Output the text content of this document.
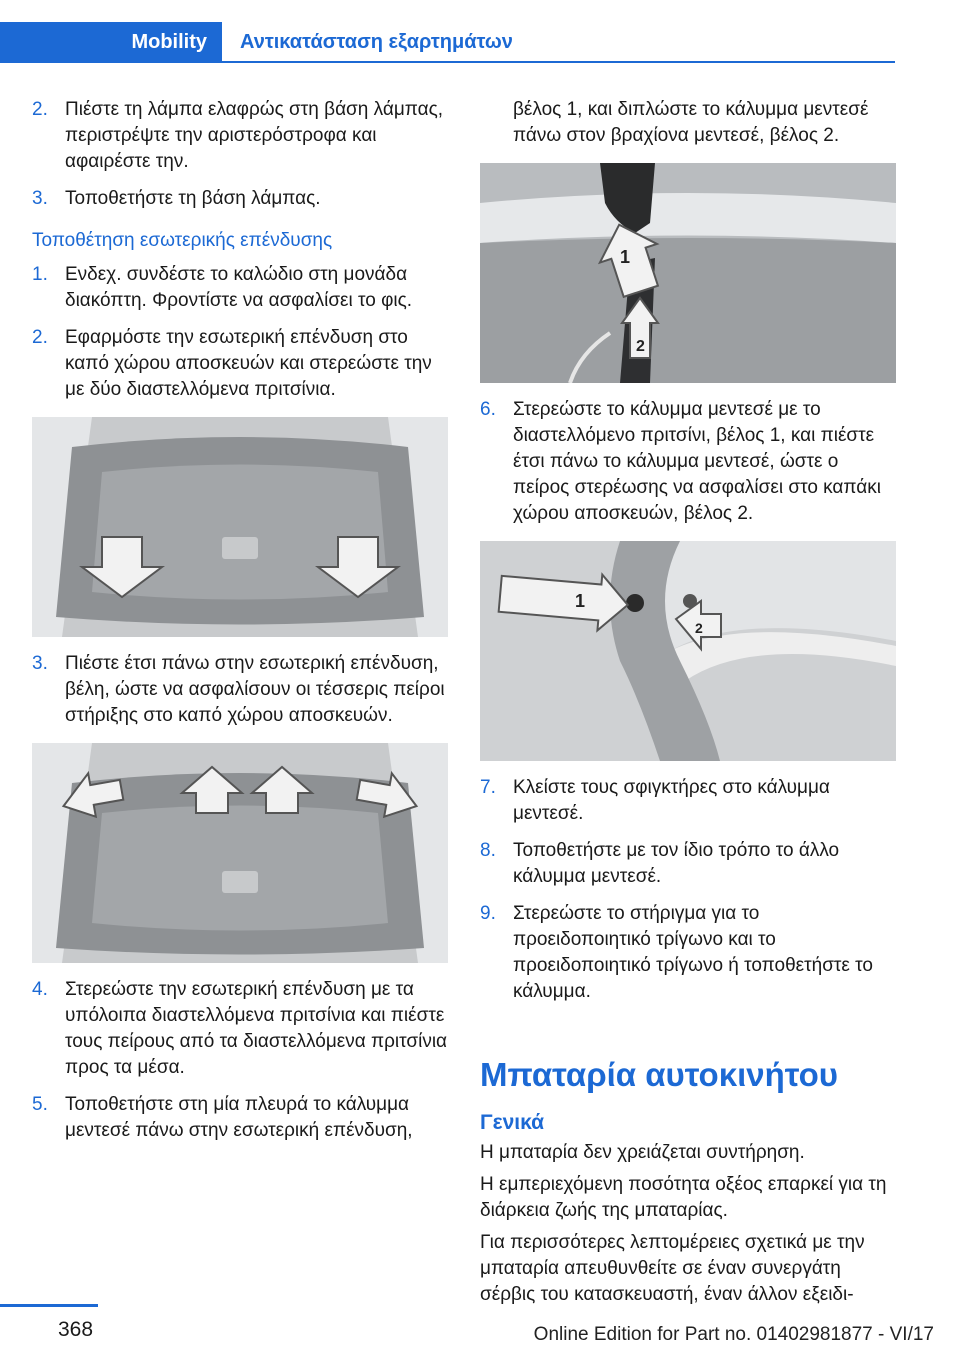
Mobility	Αντικατάσταση εξαρτημάτων
2. Πιέστε τη λάμπα ελαφρώς στη βάση λάμπας, περιστρέψτε την αριστερόστροφα και αφαιρέστε την.
3. Τοποθετήστε τη βάση λάμπας.
Τοποθέτηση εσωτερικής επένδυσης
1. Ενδεχ. συνδέστε το καλώδιο στη μονάδα διακόπτη. Φροντίστε να ασφαλίσει το φις.
2. Εφαρμόστε την εσωτερική επένδυση στο καπό χώρου αποσκευών και στερεώστε την με δύο διαστελλόμενα πριτσίνια.
3. Πιέστε έτσι πάνω στην εσωτερική επένδυση, βέλη, ώστε να ασφαλίσουν οι τέσσερις πείροι στήριξης στο καπό χώρου αποσκευών.
4. Στερεώστε την εσωτερική επένδυση με τα υπόλοιπα διαστελλόμενα πριτσίνια και πιέστε τους πείρους από τα διαστελλόμενα πριτσίνια προς τα μέσα.
5. Τοποθετήστε στη μία πλευρά το κάλυμμα μεντεσέ πάνω στην εσωτερική επένδυση,

βέλος 1, και διπλώστε το κάλυμμα μεντεσέ πάνω στον βραχίονα μεντεσέ, βέλος 2.

1
2
6. Στερεώστε το κάλυμμα μεντεσέ με το διαστελλόμενο πριτσίνι, βέλος 1, και πιέστε έτσι πάνω το κάλυμμα μεντεσέ, ώστε ο πείρος στερέωσης να ασφαλίσει στο καπάκι χώρου αποσκευών, βέλος 2.
1
2
7. Κλείστε τους σφιγκτήρες στο κάλυμμα μεντεσέ.
8. Τοποθετήστε με τον ίδιο τρόπο το άλλο κάλυμμα μεντεσέ.
9. Στερεώστε το στήριγμα για το προειδοποιητικό τρίγωνο και το προειδοποιητικό τρίγωνο ή τοποθετήστε το κάλυμμα.
Μπαταρία αυτοκινήτου
Γενικά

Η μπαταρία δεν χρειάζεται συντήρηση.

Η εμπεριεχόμενη ποσότητα οξέος επαρκεί για τη διάρκεια ζωής της μπαταρίας.

Για περισσότερες λεπτομέρειες σχετικά με την μπαταρία απευθυνθείτε σε έναν συνεργάτη σέρβις του κατασκευαστή, έναν άλλον εξειδι-

368	Online Edition for Part no. 01402981877 - VI/17
